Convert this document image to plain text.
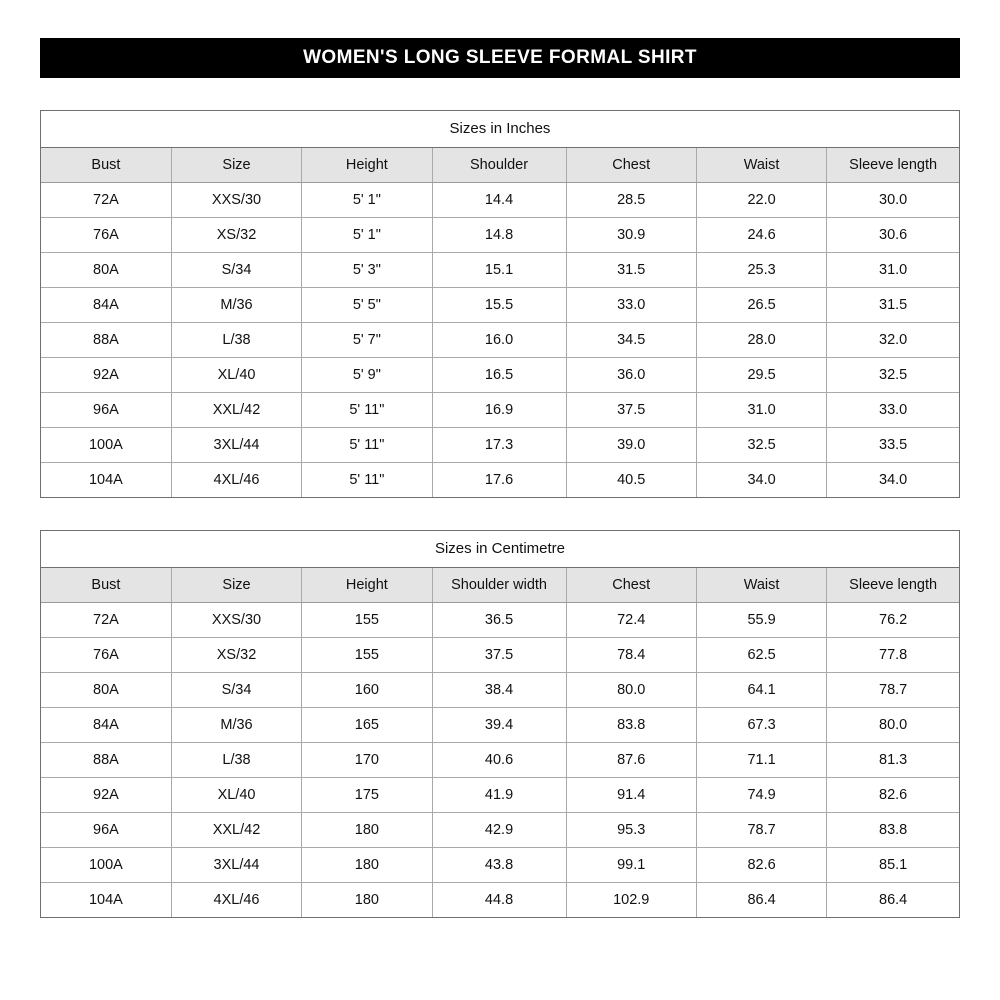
WOMEN'S LONG SLEEVE FORMAL SHIRT
Sizes in Inches
Bust	Size	Height	Shoulder	Chest	Waist	Sleeve length
72A	XXS/30	5' 1"	14.4	28.5	22.0	30.0
76A	XS/32	5' 1"	14.8	30.9	24.6	30.6
80A	S/34	5' 3"	15.1	31.5	25.3	31.0
84A	M/36	5' 5"	15.5	33.0	26.5	31.5
88A	L/38	5' 7"	16.0	34.5	28.0	32.0
92A	XL/40	5' 9"	16.5	36.0	29.5	32.5
96A	XXL/42	5' 11"	16.9	37.5	31.0	33.0
100A	3XL/44	5' 11"	17.3	39.0	32.5	33.5
104A	4XL/46	5' 11"	17.6	40.5	34.0	34.0
Sizes in Centimetre
Bust	Size	Height	Shoulder width	Chest	Waist	Sleeve length
72A	XXS/30	155	36.5	72.4	55.9	76.2
76A	XS/32	155	37.5	78.4	62.5	77.8
80A	S/34	160	38.4	80.0	64.1	78.7
84A	M/36	165	39.4	83.8	67.3	80.0
88A	L/38	170	40.6	87.6	71.1	81.3
92A	XL/40	175	41.9	91.4	74.9	82.6
96A	XXL/42	180	42.9	95.3	78.7	83.8
100A	3XL/44	180	43.8	99.1	82.6	85.1
104A	4XL/46	180	44.8	102.9	86.4	86.4
